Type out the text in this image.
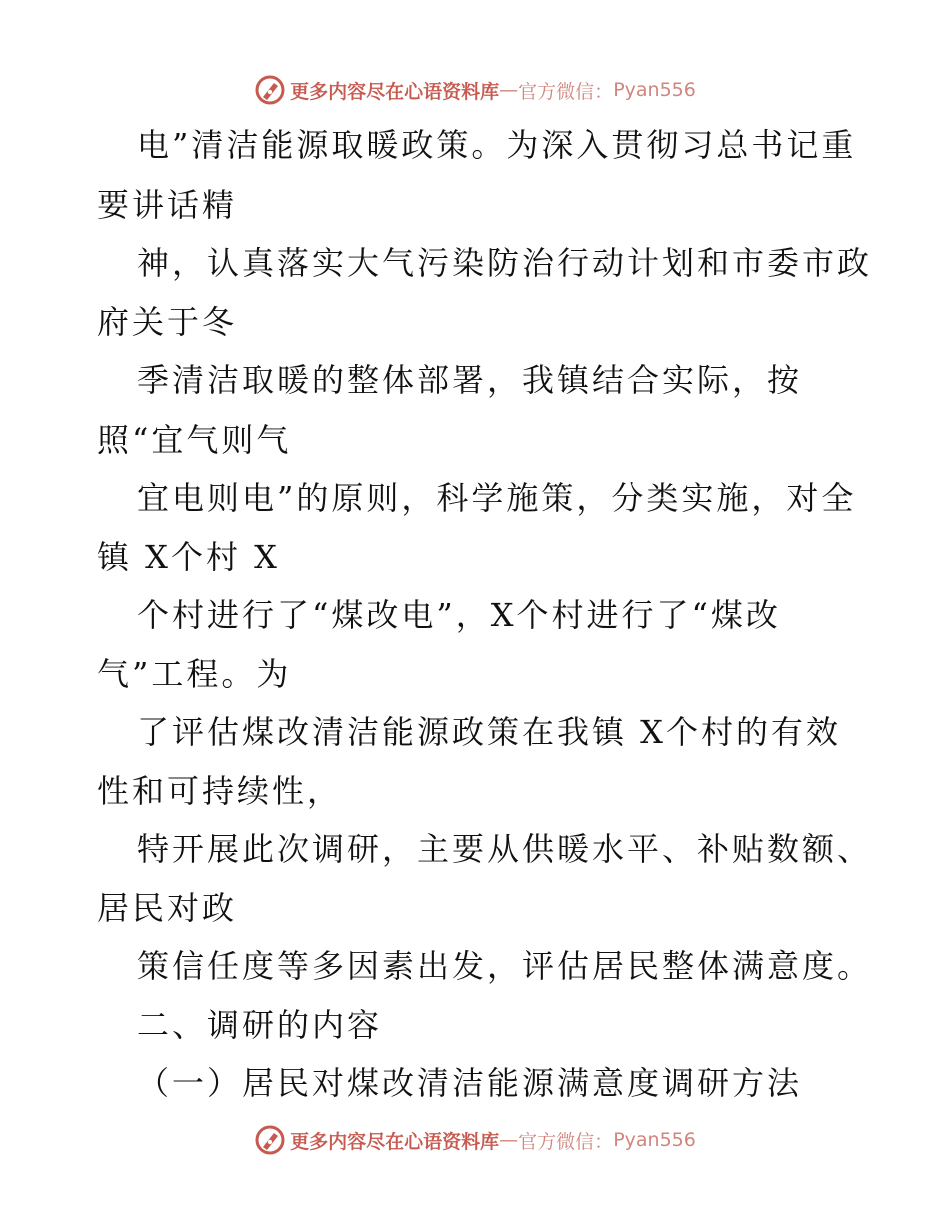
更多内容尽在心语资料库 — 官方微信： Pyan556
电”清洁能源取暖政策。为深入贯彻习总书记重
要讲话精
神，认真落实大气污染防治行动计划和市委市政
府关于冬
季清洁取暖的整体部署，我镇结合实际，按
照“宜气则气
宜电则电”的原则，科学施策，分类实施，对全
镇 X个村 X
个村进行了“煤改电”，X个村进行了“煤改
气”工程。为
了评估煤改清洁能源政策在我镇 X个村的有效
性和可持续性，
特开展此次调研，主要从供暖水平、补贴数额、
居民对政
策信任度等多因素出发，评估居民整体满意度。
二、调研的内容
（一）居民对煤改清洁能源满意度调研方法
更多内容尽在心语资料库 — 官方微信： Pyan556
